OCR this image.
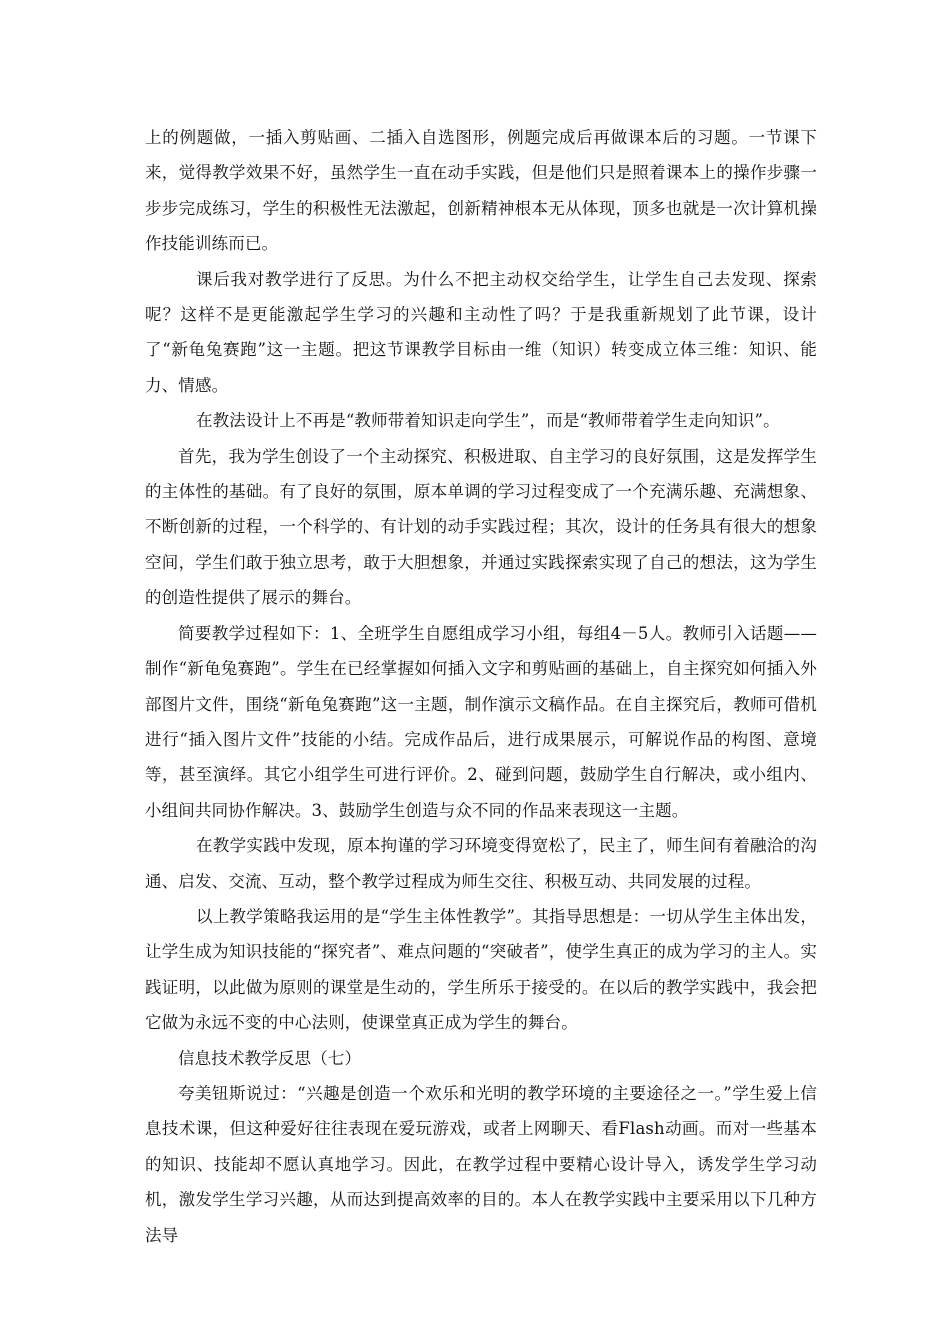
上的例题做，一插入剪贴画、二插入自选图形，例题完成后再做课本后的习题。一节课下来，觉得教学效果不好，虽然学生一直在动手实践，但是他们只是照着课本上的操作步骤一步步完成练习，学生的积极性无法激起，创新精神根本无从体现，顶多也就是一次计算机操作技能训练而已。

课后我对教学进行了反思。为什么不把主动权交给学生，让学生自己去发现、探索呢？这样不是更能激起学生学习的兴趣和主动性了吗？于是我重新规划了此节课，设计了“新龟兔赛跑”这一主题。把这节课教学目标由一维（知识）转变成立体三维：知识、能力、情感。

在教法设计上不再是“教师带着知识走向学生”，而是“教师带着学生走向知识”。

首先，我为学生创设了一个主动探究、积极进取、自主学习的良好氛围，这是发挥学生的主体性的基础。有了良好的氛围，原本单调的学习过程变成了一个充满乐趣、充满想象、不断创新的过程，一个科学的、有计划的动手实践过程；其次，设计的任务具有很大的想象空间，学生们敢于独立思考，敢于大胆想象，并通过实践探索实现了自己的想法，这为学生的创造性提供了展示的舞台。

简要教学过程如下：1、全班学生自愿组成学习小组，每组4－5人。教师引入话题——制作“新龟兔赛跑”。学生在已经掌握如何插入文字和剪贴画的基础上，自主探究如何插入外部图片文件，围绕“新龟兔赛跑”这一主题，制作演示文稿作品。在自主探究后，教师可借机进行“插入图片文件”技能的小结。完成作品后，进行成果展示，可解说作品的构图、意境等，甚至演绎。其它小组学生可进行评价。2、碰到问题，鼓励学生自行解决，或小组内、小组间共同协作解决。3、鼓励学生创造与众不同的作品来表现这一主题。

在教学实践中发现，原本拘谨的学习环境变得宽松了，民主了，师生间有着融洽的沟通、启发、交流、互动，整个教学过程成为师生交往、积极互动、共同发展的过程。

以上教学策略我运用的是“学生主体性教学”。其指导思想是：一切从学生主体出发，让学生成为知识技能的“探究者”、难点问题的“突破者”，使学生真正的成为学习的主人。实践证明，以此做为原则的课堂是生动的，学生所乐于接受的。在以后的教学实践中，我会把它做为永远不变的中心法则，使课堂真正成为学生的舞台。

信息技术教学反思（七）

夸美钮斯说过：“兴趣是创造一个欢乐和光明的教学环境的主要途径之一。”学生爱上信息技术课，但这种爱好往往表现在爱玩游戏，或者上网聊天、看Flash动画。而对一些基本的知识、技能却不愿认真地学习。因此，在教学过程中要精心设计导入，诱发学生学习动机，激发学生学习兴趣，从而达到提高效率的目的。本人在教学实践中主要采用以下几种方法导
